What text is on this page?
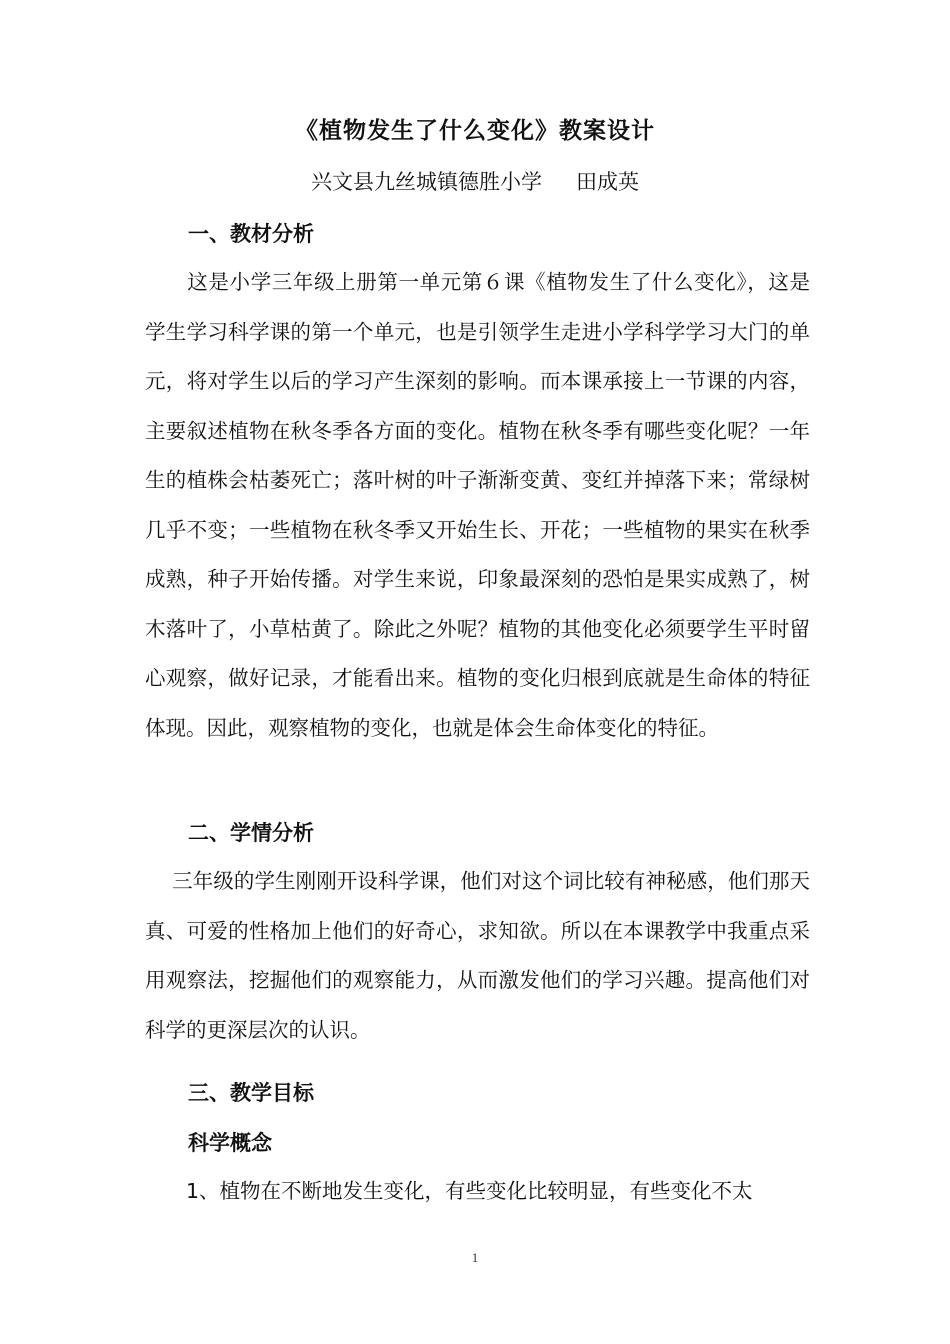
《植物发生了什么变化》教案设计
兴文县九丝城镇德胜小学 田成英
一、教材分析

　　这是小学三年级上册第一单元第６课《植物发生了什么变化》，这是学生学习科学课的第一个单元，也是引领学生走进小学科学学习大门的单元，将对学生以后的学习产生深刻的影响。而本课承接上一节课的内容，主要叙述植物在秋冬季各方面的变化。植物在秋冬季有哪些变化呢？一年生的植株会枯萎死亡；落叶树的叶子渐渐变黄、变红并掉落下来；常绿树几乎不变；一些植物在秋冬季又开始生长、开花；一些植物的果实在秋季成熟，种子开始传播。对学生来说，印象最深刻的恐怕是果实成熟了，树木落叶了，小草枯黄了。除此之外呢？植物的其他变化必须要学生平时留心观察，做好记录，才能看出来。植物的变化归根到底就是生命体的特征体现。因此，观察植物的变化，也就是体会生命体变化的特征。

二、学情分析

　 三年级的学生刚刚开设科学课，他们对这个词比较有神秘感，他们那天真、可爱的性格加上他们的好奇心，求知欲。所以在本课教学中我重点采用观察法，挖掘他们的观察能力，从而激发他们的学习兴趣。提高他们对科学的更深层次的认识。

三、教学目标
科学概念

　　1、植物在不断地发生变化，有些变化比较明显，有些变化不太

1
